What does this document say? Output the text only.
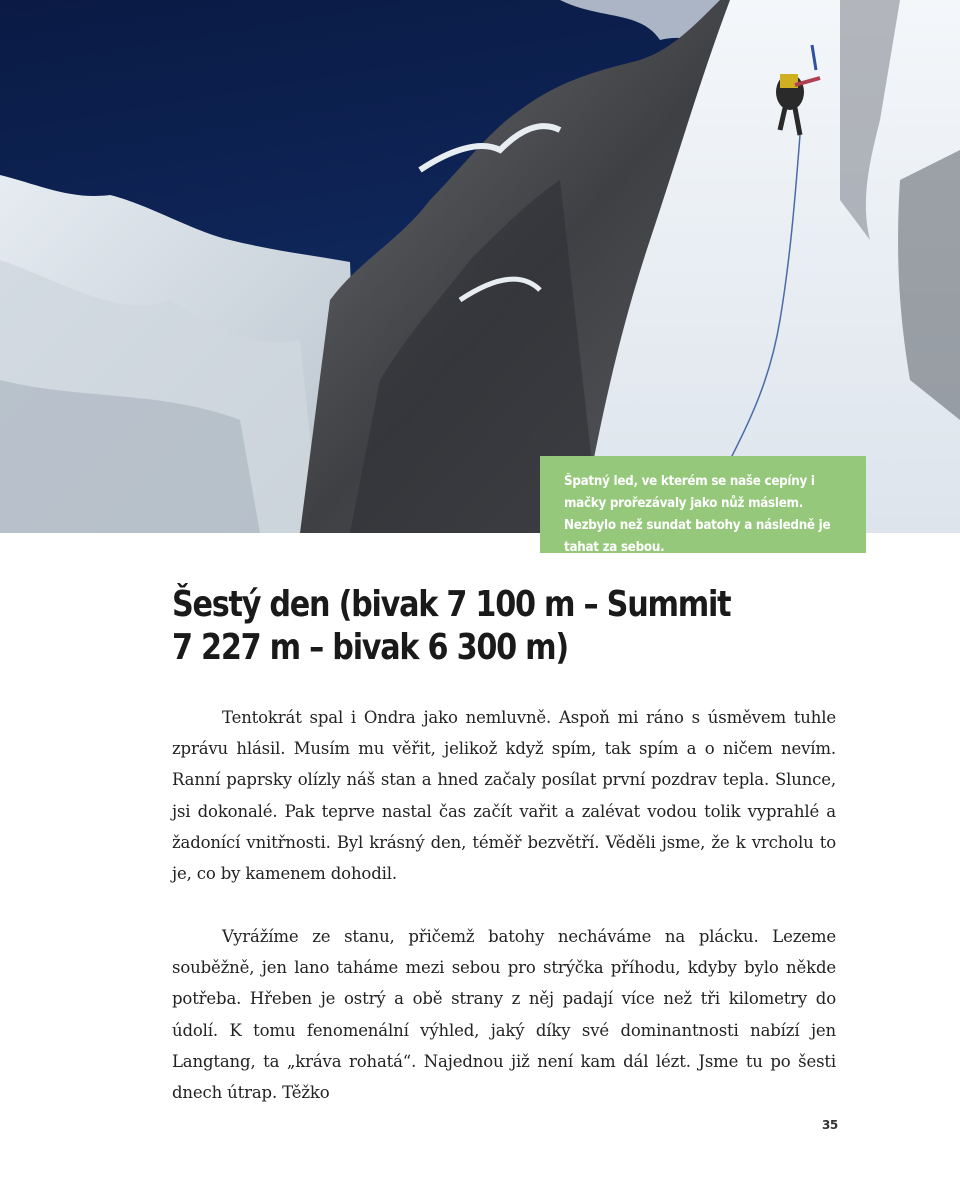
Špatný led, ve kterém se naše cepíny i mačky prořezávaly jako nůž máslem. Nezbylo než sundat batohy a následně je tahat za sebou.
Šestý den (bivak 7 100 m – Summit 7 227 m – bivak 6 300 m)

Tentokrát spal i Ondra jako nemluvně. Aspoň mi ráno s úsměvem tuhle zprávu hlásil. Musím mu věřit, jelikož když spím, tak spím a o ničem nevím. Ranní paprsky olízly náš stan a hned začaly posílat první pozdrav tepla. Slunce, jsi dokonalé. Pak teprve nastal čas začít vařit a zalévat vodou tolik vyprahlé a žadonící vnitřnosti. Byl krásný den, téměř bezvětří. Věděli jsme, že k vrcholu to je, co by kamenem dohodil.

Vyrážíme ze stanu, přičemž batohy necháváme na plácku. Lezeme souběžně, jen lano taháme mezi sebou pro strýčka příhodu, kdyby bylo někde potřeba. Hřeben je ostrý a obě strany z něj padají více než tři kilometry do údolí. K tomu fenomenální výhled, jaký díky své dominantnosti nabízí jen Langtang, ta „kráva rohatá“. Najednou již není kam dál lézt. Jsme tu po šesti dnech útrap. Těžko

35
